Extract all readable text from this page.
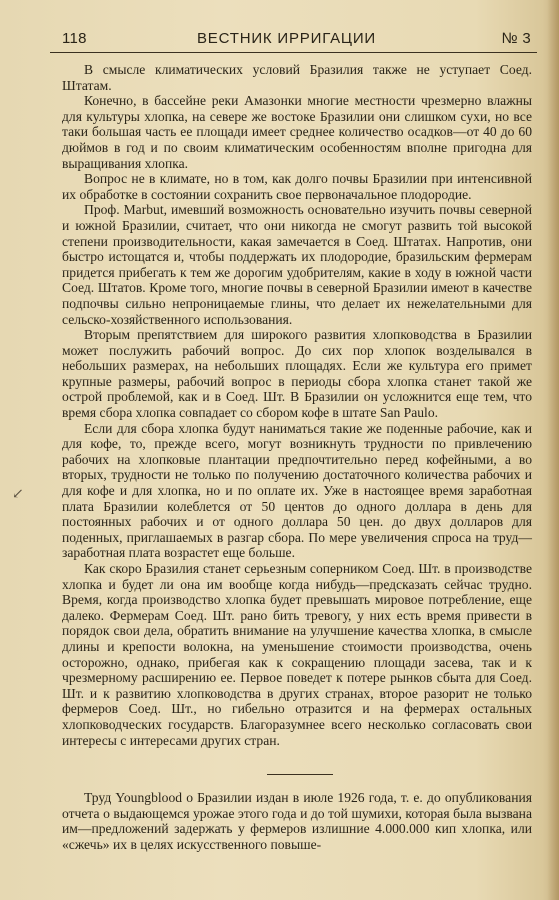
118	ВЕСТНИК ИРРИГАЦИИ	№ 3
↙

В смысле климатических условий Бразилия также не уступает Соед. Штатам.

Конечно, в бассейне реки Амазонки многие местности чрезмерно влажны для культуры хлопка, на севере же востоке Бразилии они слишком сухи, но все таки большая часть ее площади имеет среднее количество осадков—от 40 до 60 дюймов в год и по своим климатическим особенностям вполне пригодна для выращивания хлопка.

Вопрос не в климате, но в том, как долго почвы Бразилии при интенсивной их обработке в состоянии сохранить свое первоначальное плодородие.

Проф. Marbut, имевший возможность основательно изучить почвы северной и южной Бразилии, считает, что они никогда не смогут развить той высокой степени производительности, какая замечается в Соед. Штатах. Напротив, они быстро истощатся и, чтобы поддержать их плодородие, бразильским фермерам придется прибегать к тем же дорогим удобрителям, какие в ходу в южной части Соед. Штатов. Кроме того, многие почвы в северной Бразилии имеют в качестве подпочвы сильно непроницаемые глины, что делает их нежелательными для сельско-хозяйственного использования.

Вторым препятствием для широкого развития хлопководства в Бразилии может послужить рабочий вопрос. До сих пор хлопок возделывался в небольших размерах, на небольших площадях. Если же культура его примет крупные размеры, рабочий вопрос в периоды сбора хлопка станет такой же острой проблемой, как и в Соед. Шт. В Бразилии он усложнится еще тем, что время сбора хлопка совпадает со сбором кофе в штате San Paulo.

Если для сбора хлопка будут наниматься такие же поденные рабочие, как и для кофе, то, прежде всего, могут возникнуть трудности по привлечению рабочих на хлопковые плантации предпочтительно перед кофейными, а во вторых, трудности не только по получению достаточного количества рабочих и для кофе и для хлопка, но и по оплате их. Уже в настоящее время заработная плата Бразилии колеблется от 50 центов до одного доллара в день для постоянных рабочих и от одного доллара 50 цен. до двух долларов для поденных, приглашаемых в разгар сбора. По мере увеличения спроса на труд—заработная плата возрастет еще больше.

Как скоро Бразилия станет серьезным соперником Соед. Шт. в производстве хлопка и будет ли она им вообще когда нибудь—предсказать сейчас трудно. Время, когда производство хлопка будет превышать мировое потребление, еще далеко. Фермерам Соед. Шт. рано бить тревогу, у них есть время привести в порядок свои дела, обратить внимание на улучшение качества хлопка, в смысле длины и крепости волокна, на уменьшение стоимости производства, очень осторожно, однако, прибегая как к сокращению площади засева, так и к чрезмерному расширению ее. Первое поведет к потере рынков сбыта для Соед. Шт. и к развитию хлопководства в других странах, второе разорит не только фермеров Соед. Шт., но гибельно отразится и на фермерах остальных хлопководческих государств. Благоразумнее всего несколько согласовать свои интересы с интересами других стран.

Труд Youngblood о Бразилии издан в июле 1926 года, т. е. до опубликования отчета о выдающемся урожае этого года и до той шумихи, которая была вызвана им—предложений задержать у фермеров излишние 4.000.000 кип хлопка, или «сжечь» их в целях искусственного повыше-
